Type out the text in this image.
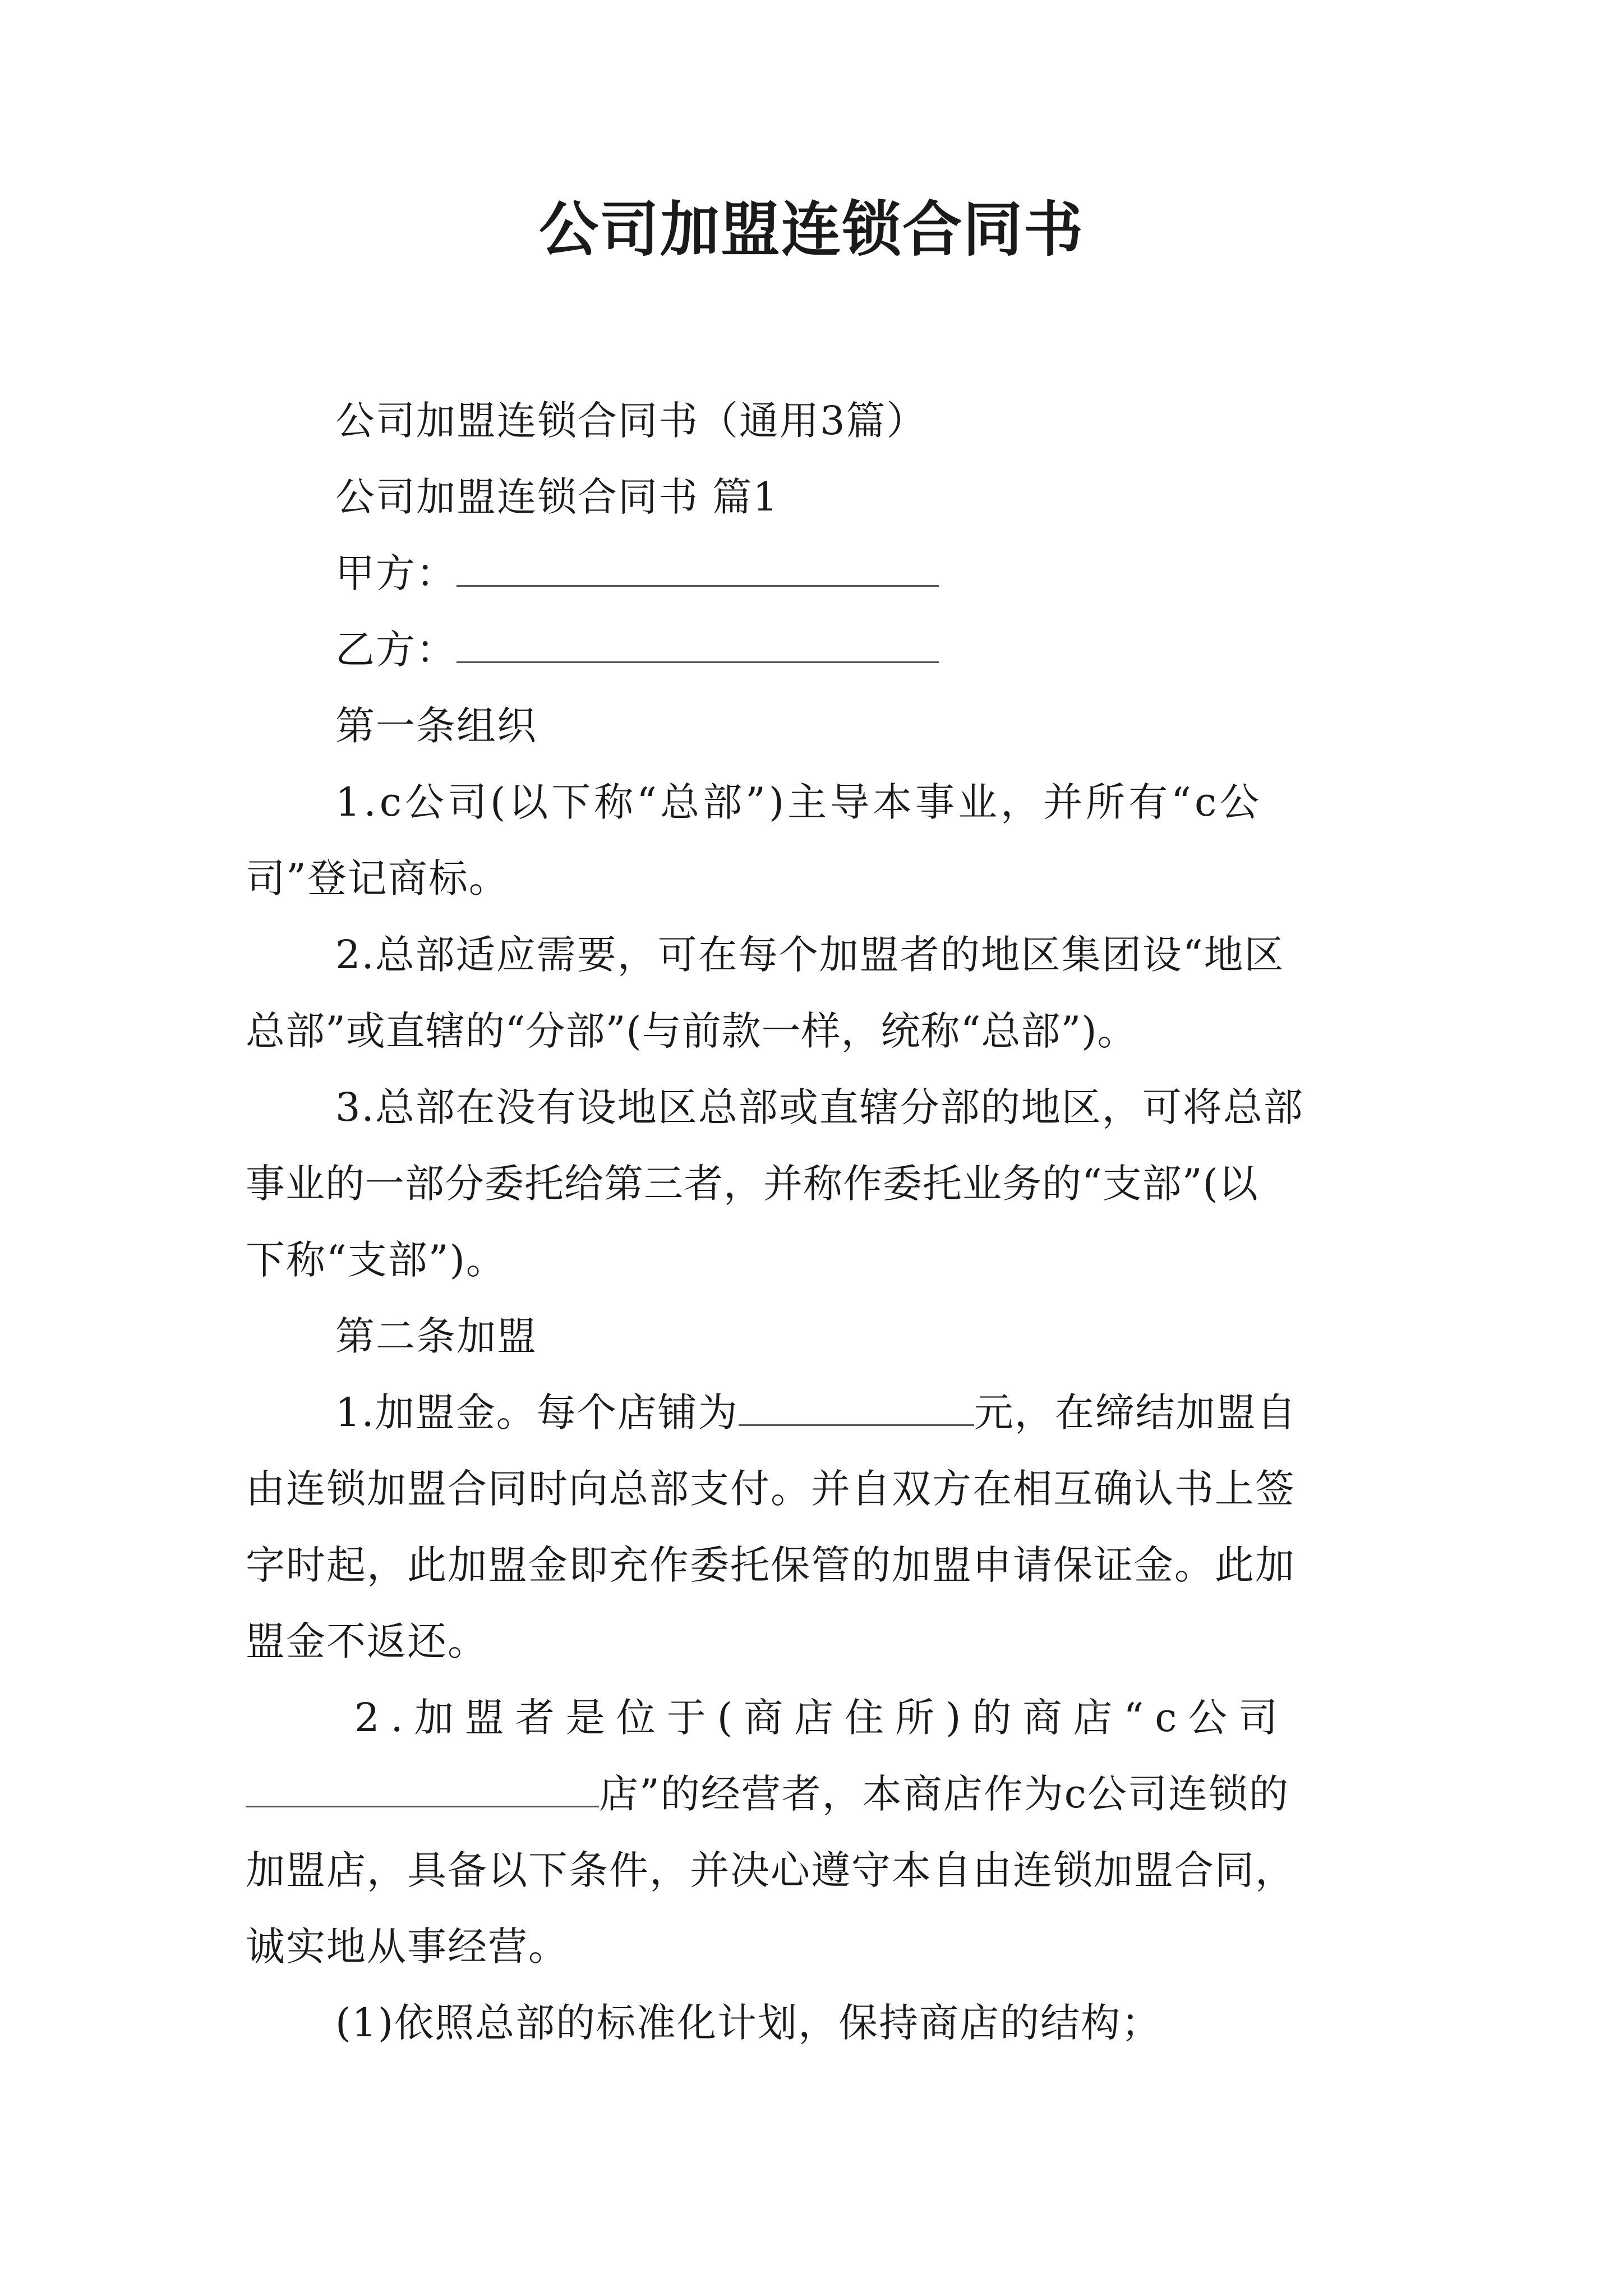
公司加盟连锁合同书
公司加盟连锁合同书（通用3篇）
公司加盟连锁合同书 篇1
甲方：
乙方：
第一条组织
1.c公司(以下称“总部”)主导本事业，并所有“c公
司”登记商标。
2.总部适应需要，可在每个加盟者的地区集团设“地区
总部”或直辖的“分部”(与前款一样，统称“总部”)。
3.总部在没有设地区总部或直辖分部的地区，可将总部
事业的一部分委托给第三者，并称作委托业务的“支部”(以
下称“支部”)。
第二条加盟
1.加盟金。每个店铺为	元，在缔结加盟自
由连锁加盟合同时向总部支付。并自双方在相互确认书上签
字时起，此加盟金即充作委托保管的加盟申请保证金。此加
盟金不返还。
2.加盟者是位于(商店住所)的商店“c公司
店”的经营者，本商店作为c公司连锁的
加盟店，具备以下条件，并决心遵守本自由连锁加盟合同，
诚实地从事经营。
(1)依照总部的标准化计划，保持商店的结构；
